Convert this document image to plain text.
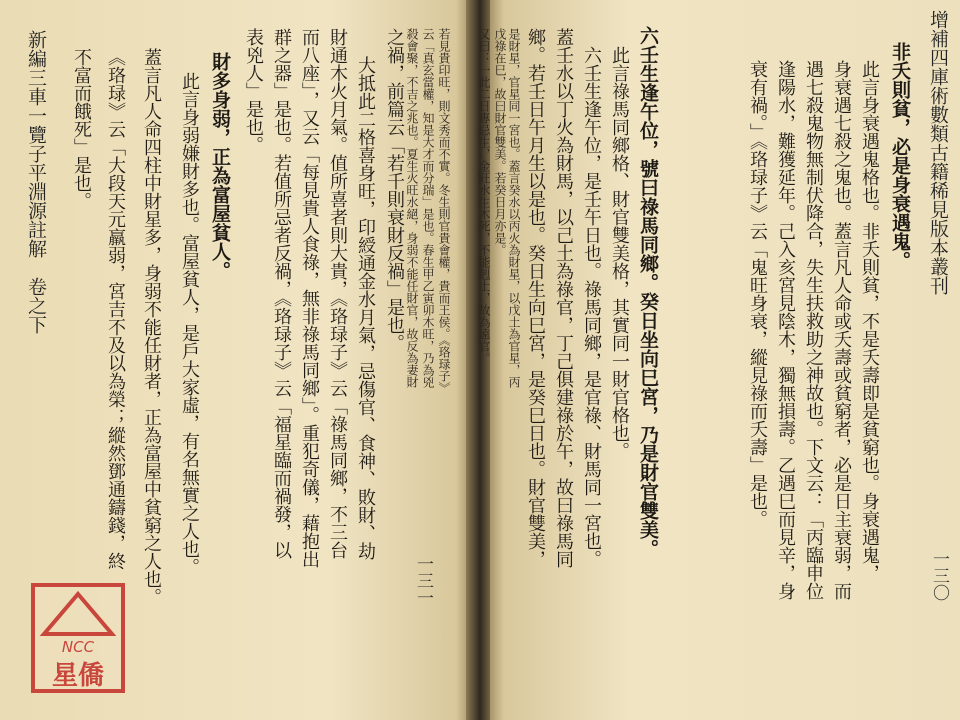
一三一
若見貴印旺，則文秀而不實。冬生則官貴會權，貴而王侯。《珞琭子》
云「真玄當權，知是大才而分瑞」是也。春生甲乙寅卯木旺，乃為兇
殺會聚，不吉之兆也。夏生火旺水絕，身弱不能任財官，故反為妻財
之禍，前篇云「若千則衰財反禍」是也。
大抵此二格喜身旺，印綬通金水月氣，忌傷官、食神、敗財、劫
財通木火月氣。值所喜者則大貴，《珞琭子》云「祿馬同鄉，不三台
而八座」，又云「每見貴人食祿，無非祿馬同鄉」。重犯奇儀，藉抱出
群之器」是也。若值所忌者反禍，《珞琭子》云「福星臨而禍發，以
表兇人」是也。
財多身弱，正為富屋貧人。
此言身弱嫌財多也。富屋貧人，是戶大家虛，有名無實之人也。
蓋言凡人命四柱中財星多，身弱不能任財者，正為富屋中貧窮之人也。
《珞琭》云「大段天元羸弱，宮吉不及以為榮；縱然鄧通鑄錢，終
不富而餓死」是也。
新編三車一覽子平淵源註解　卷之下
NCC
星僑
增補四庫術數類古籍稀見版本叢刊
一三〇
非夭則貧，必是身衰遇鬼。
此言身衰遇鬼格也。非夭則貧，不是夭壽即是貧窮也。身衰遇鬼，
身衰遇七殺之鬼也。蓋言凡人命或夭壽或貧窮者，必是日主衰弱，而
遇七殺鬼物無制伏降合，失生扶救助之神故也。下文云：「丙臨申位
逢陽水，難獲延年。己入亥宮見陰木，獨無損壽。乙遇巳而見辛，身
衰有禍。」《珞琭子》云「鬼旺身衰，縱見祿而夭壽」是也。
六壬生逢午位，號曰祿馬同鄉。癸日坐向巳宮，乃是財官雙美。
此言祿馬同鄉格、財官雙美格，其實同一財官格也。
六壬生逢午位，是壬午日也。祿馬同鄉，是官祿、財馬同一宮也。
蓋壬水以丁火為財馬，以己土為祿官，丁己俱建祿於午，故曰祿馬同
鄉。若壬日午月生以是也。癸日生向巳宮，是癸巳日也。財官雙美，
是財星，官星同一宮也。蓋言癸水以丙火為財星，以戊土為官星，丙
戊祿在巳，故曰財官雙美。若癸日月亦是。
又曰：一此二日專忌生，金旺水生木死，不能剋土，故為遠官。
